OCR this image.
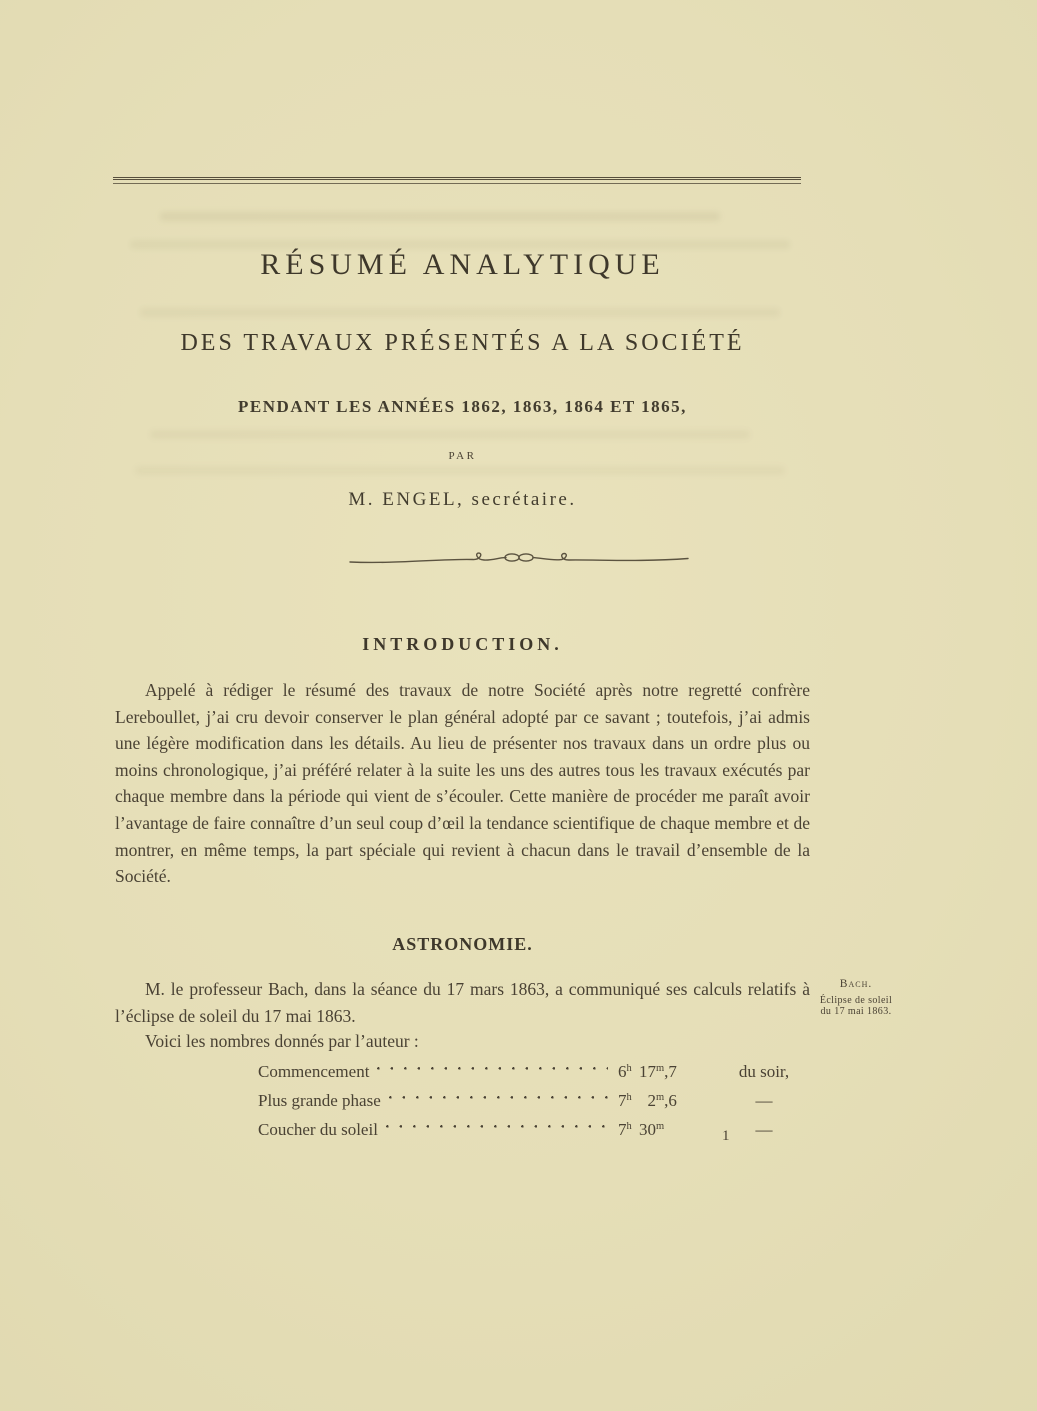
RÉSUMÉ ANALYTIQUE
DES TRAVAUX PRÉSENTÉS A LA SOCIÉTÉ
PENDANT LES ANNÉES 1862, 1863, 1864 ET 1865,
PAR
M. ENGEL, secrétaire.
INTRODUCTION.

Appelé à rédiger le résumé des travaux de notre Société après notre regretté confrère Lereboullet, j’ai cru devoir conserver le plan général adopté par ce savant ; toutefois, j’ai admis une légère modification dans les détails. Au lieu de présenter nos travaux dans un ordre plus ou moins chronologique, j’ai préféré relater à la suite les uns des autres tous les travaux exécutés par chaque membre dans la période qui vient de s’écouler. Cette manière de procéder me paraît avoir l’avantage de faire connaître d’un seul coup d’œil la tendance scientifique de chaque membre et de montrer, en même temps, la part spéciale qui revient à chacun dans le travail d’ensemble de la Société.

ASTRONOMIE.

M. le professeur Bach, dans la séance du 17 mars 1863, a communiqué ses calculs relatifs à l’éclipse de soleil du 17 mai 1863.

Bach.
Éclipse de soleil
du 17 mai 1863.

Voici les nombres donnés par l’auteur :

Commencement	6$^h$ 17$^m$,7	du soir,
Plus grande phase	7$^h$ 2$^m$,6	—
Coucher du soleil	7$^h$ 30$^m$	—
1
